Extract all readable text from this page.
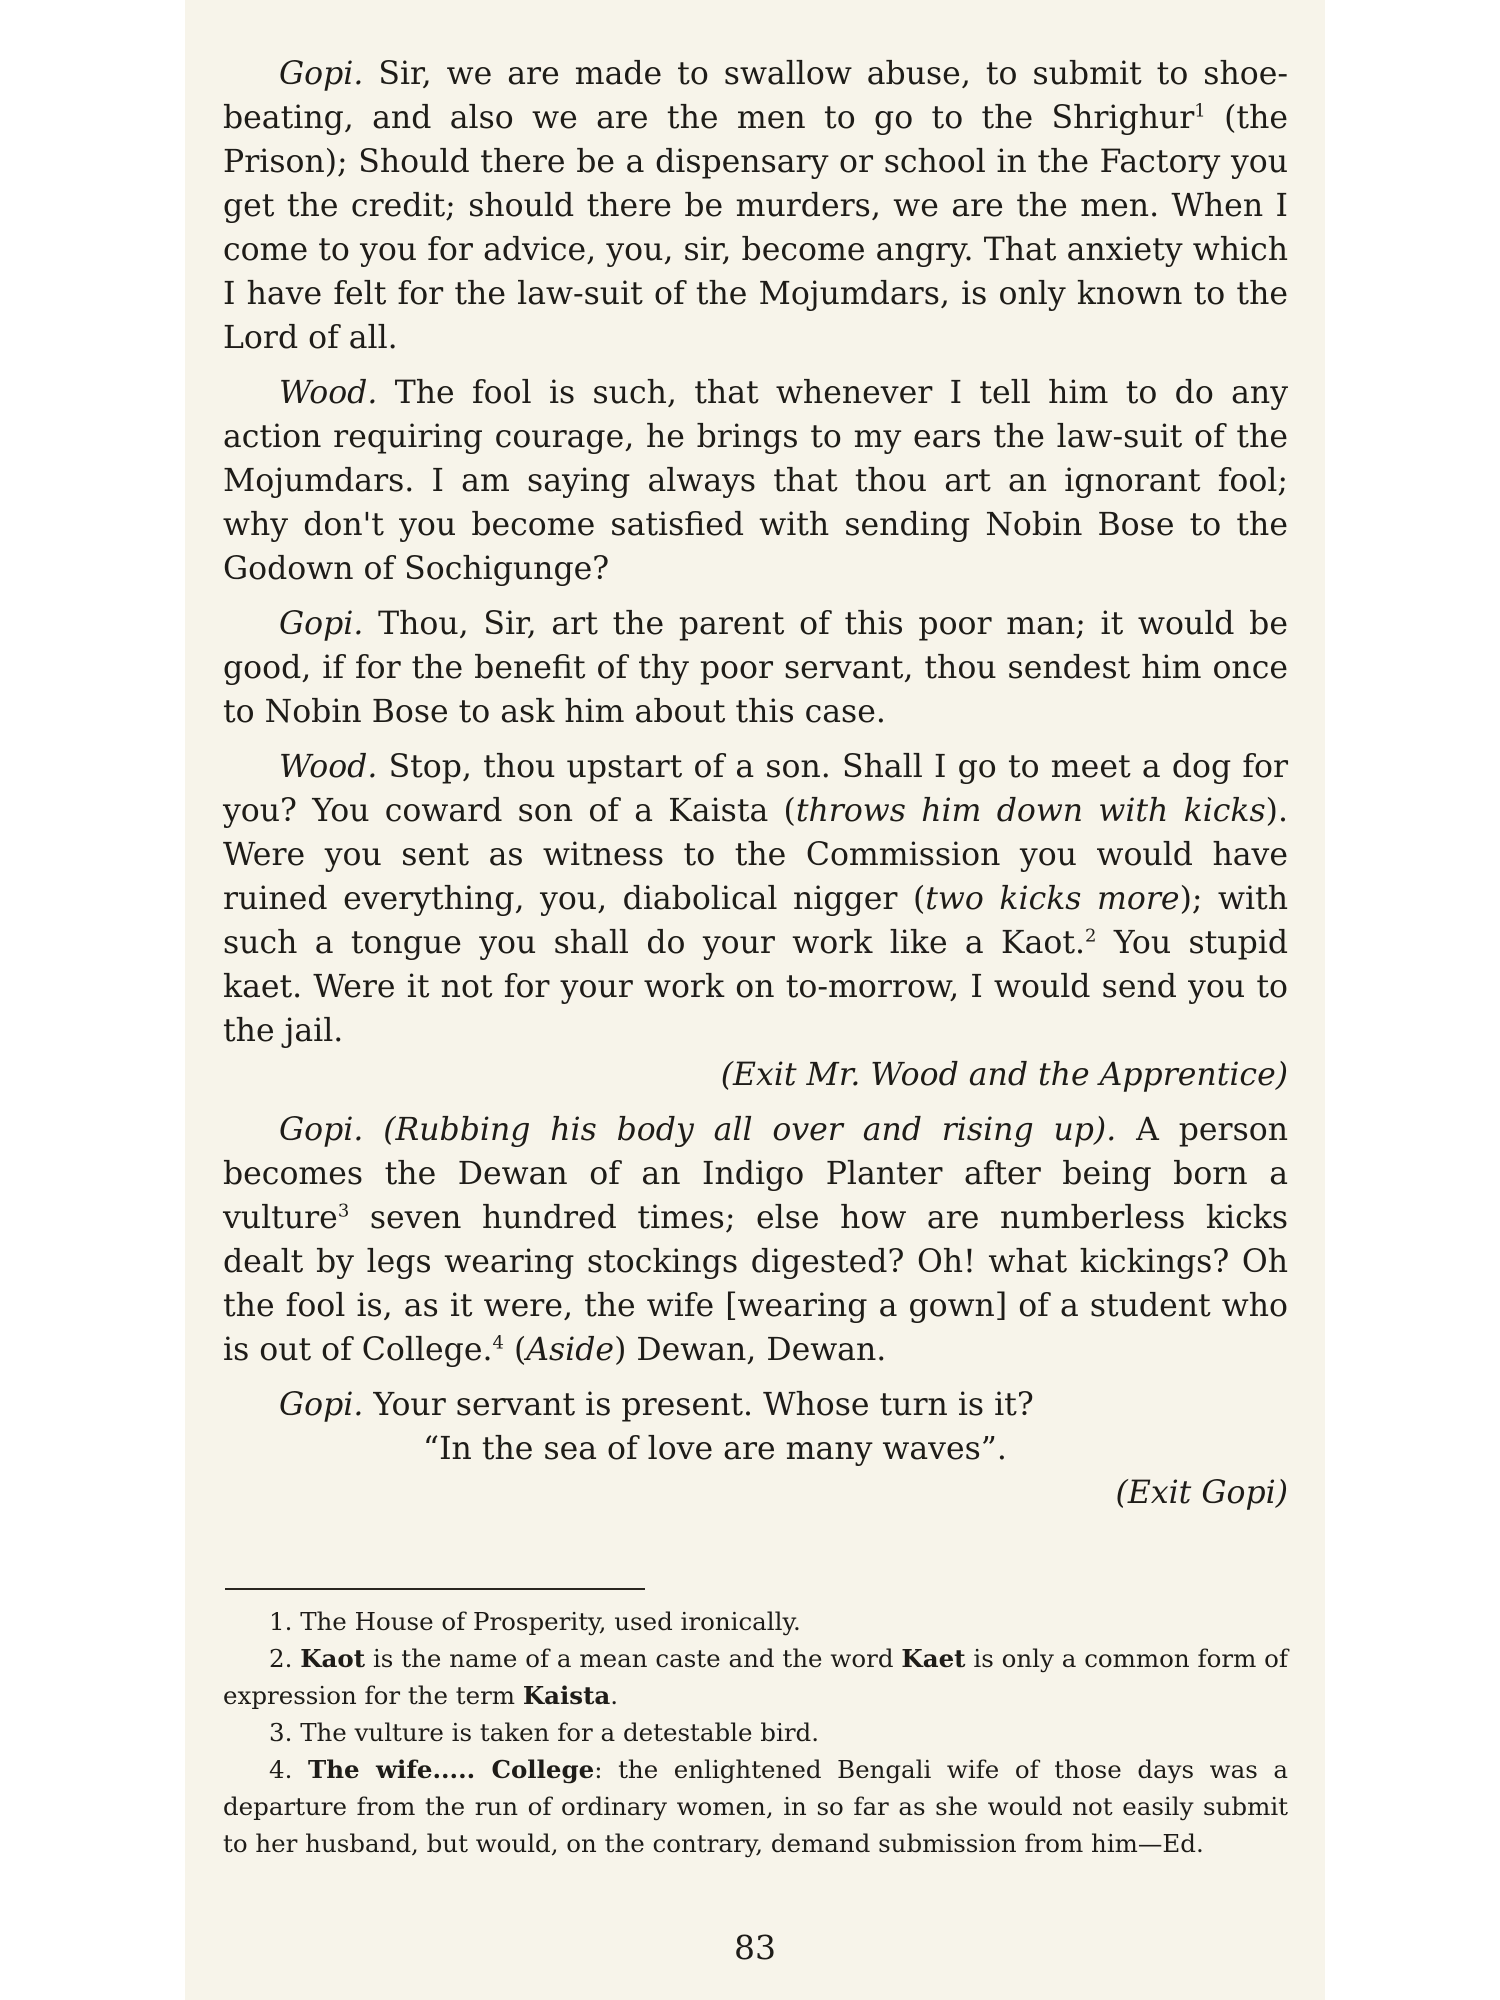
Gopi. Sir, we are made to swallow abuse, to submit to shoe-beating, and also we are the men to go to the Shrighur$^1$ (the Prison); Should there be a dispensary or school in the Factory you get the credit; should there be murders, we are the men. When I come to you for advice, you, sir, become angry. That anxiety which I have felt for the law-suit of the Mojumdars, is only known to the Lord of all.

Wood. The fool is such, that whenever I tell him to do any action requiring courage, he brings to my ears the law-suit of the Mojumdars. I am saying always that thou art an ignorant fool; why don't you become satisfied with sending Nobin Bose to the Godown of Sochigunge?

Gopi. Thou, Sir, art the parent of this poor man; it would be good, if for the benefit of thy poor servant, thou sendest him once to Nobin Bose to ask him about this case.

Wood. Stop, thou upstart of a son. Shall I go to meet a dog for you? You coward son of a Kaista (throws him down with kicks). Were you sent as witness to the Commission you would have ruined everything, you, diabolical nigger (two kicks more); with such a tongue you shall do your work like a Kaot.$^2$ You stupid kaet. Were it not for your work on to-morrow, I would send you to the jail.

(Exit Mr. Wood and the Apprentice)

Gopi. (Rubbing his body all over and rising up). A person becomes the Dewan of an Indigo Planter after being born a vulture$^3$ seven hundred times; else how are numberless kicks dealt by legs wearing stockings digested? Oh! what kickings? Oh the fool is, as it were, the wife [wearing a gown] of a student who is out of College.$^4$ (Aside) Dewan, Dewan.

Gopi. Your servant is present. Whose turn is it?

“In the sea of love are many waves”.

(Exit Gopi)

1. The House of Prosperity, used ironically.

2. Kaot is the name of a mean caste and the word Kaet is only a common form of expression for the term Kaista.

3. The vulture is taken for a detestable bird.

4. The wife..... College: the enlightened Bengali wife of those days was a departure from the run of ordinary women, in so far as she would not easily submit to her husband, but would, on the contrary, demand submission from him—Ed.

83
